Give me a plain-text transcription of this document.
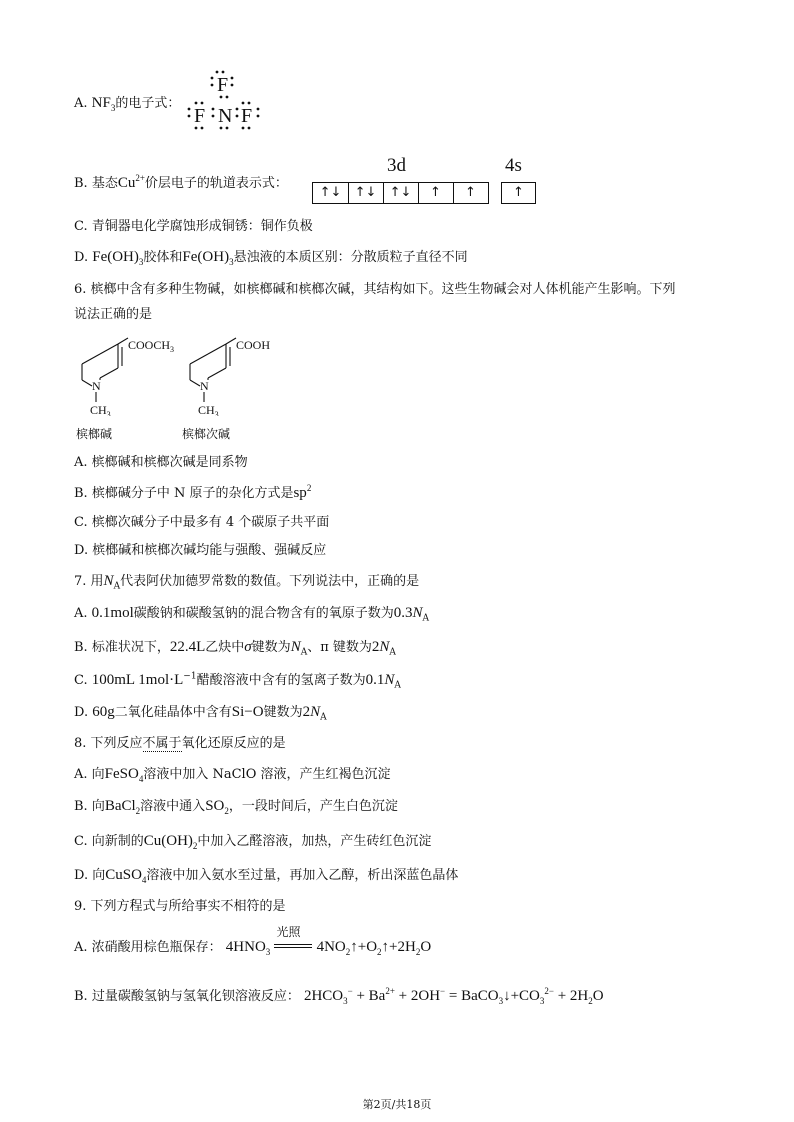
A. $NF_3$的电子式：
F
F N F
B. 基态$Cu^{2+}$价层电子的轨道表示式：
3d	4s
↑↓	↑↓	↑↓	↑	↑	↑
C. 青铜器电化学腐蚀形成铜锈：铜作负极
D. $Fe(OH)_3$胶体和$Fe(OH)_3$悬浊液的本质区别：分散质粒子直径不同
6. 槟榔中含有多种生物碱，如槟榔碱和槟榔次碱，其结构如下。这些生物碱会对人体机能产生影响。下列
说法正确的是
N
$COOCH_3$
$CH_3$
N
COOH
$CH_3$
槟榔碱	槟榔次碱
A. 槟榔碱和槟榔次碱是同系物
B. 槟榔碱分子中 N 原子的杂化方式是$sp^2$
C. 槟榔次碱分子中最多有 4 个碳原子共平面
D. 槟榔碱和槟榔次碱均能与强酸、强碱反应
7. 用$N_A$代表阿伏加德罗常数的数值。下列说法中，正确的是
A. 0.1mol碳酸钠和碳酸氢钠的混合物含有的氧原子数为$0.3N_A$
B. 标准状况下，22.4L乙炔中σ键数为$N_A$、π 键数为$2N_A$
C. 100mL $1mol\cdot L^{-1}$醋酸溶液中含有的氢离子数为$0.1N_A$
D. 60g二氧化硅晶体中含有Si−O键数为$2N_A$
8. 下列反应不属于氧化还原反应的是
A. 向FeSO$_4$溶液中加入 NaClO 溶液，产生红褐色沉淀
B. 向BaCl$_2$溶液中通入$SO_2$，一段时间后，产生白色沉淀
C. 向新制的$Cu(OH)_2$中加入乙醛溶液，加热，产生砖红色沉淀
D. 向CuSO$_4$溶液中加入氨水至过量，再加入乙醇，析出深蓝色晶体
9. 下列方程式与所给事实不相符的是
A. 浓硝酸用棕色瓶保存： $4HNO_3$
光照
$4NO_2↑+O_2↑+2H_2O$
B. 过量碳酸氢钠与氢氧化钡溶液反应： $2HCO_3^- + Ba^{2+} + 2OH^-$ = $BaCO_3↓+CO_3^{2-} + 2H_2O$
第2页/共18页
